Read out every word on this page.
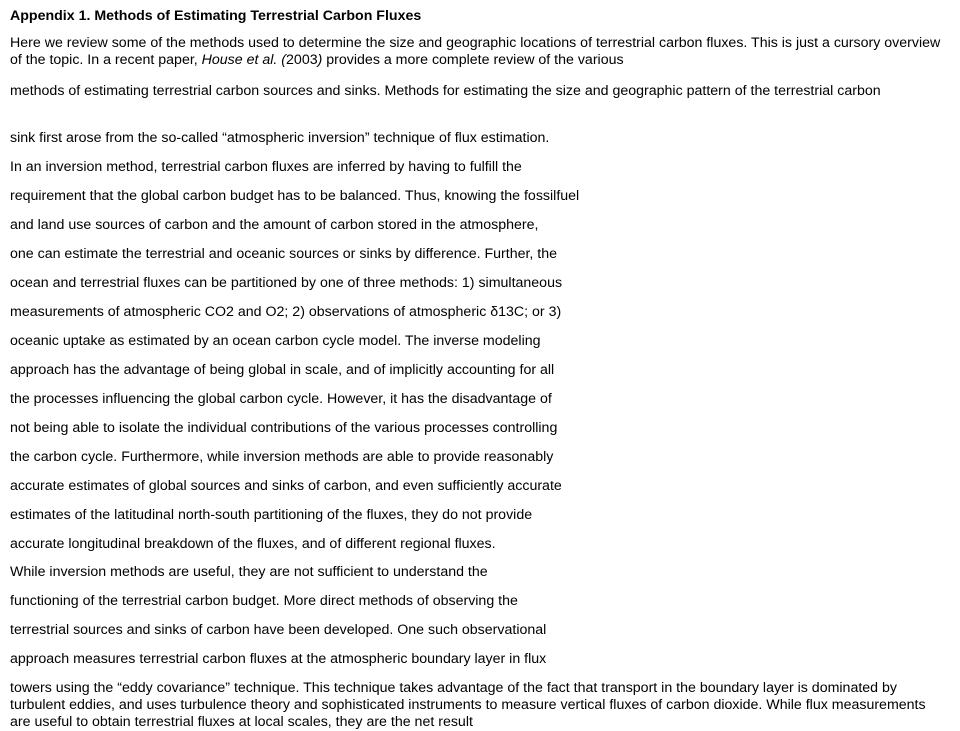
Appendix 1. Methods of Estimating Terrestrial Carbon Fluxes
Here we review some of the methods used to determine the size and geographic locations of terrestrial carbon fluxes. This is just a cursory overview of the topic. In a recent paper, House et al. (2003) provides a more complete review of the various
methods of estimating terrestrial carbon sources and sinks. Methods for estimating the size and geographic pattern of the terrestrial carbon
sink first arose from the so-called “atmospheric inversion” technique of flux estimation.
In an inversion method, terrestrial carbon fluxes are inferred by having to fulfill the
requirement that the global carbon budget has to be balanced. Thus, knowing the fossilfuel
and land use sources of carbon and the amount of carbon stored in the atmosphere,
one can estimate the terrestrial and oceanic sources or sinks by difference. Further, the
ocean and terrestrial fluxes can be partitioned by one of three methods: 1) simultaneous
measurements of atmospheric CO2 and O2; 2) observations of atmospheric δ13C; or 3)
oceanic uptake as estimated by an ocean carbon cycle model. The inverse modeling
approach has the advantage of being global in scale, and of implicitly accounting for all
the processes influencing the global carbon cycle. However, it has the disadvantage of
not being able to isolate the individual contributions of the various processes controlling
the carbon cycle. Furthermore, while inversion methods are able to provide reasonably
accurate estimates of global sources and sinks of carbon, and even sufficiently accurate
estimates of the latitudinal north-south partitioning of the fluxes, they do not provide
accurate longitudinal breakdown of the fluxes, and of different regional fluxes.
While inversion methods are useful, they are not sufficient to understand the
functioning of the terrestrial carbon budget. More direct methods of observing the
terrestrial sources and sinks of carbon have been developed. One such observational
approach measures terrestrial carbon fluxes at the atmospheric boundary layer in flux
towers using the “eddy covariance” technique. This technique takes advantage of the fact that transport in the boundary layer is dominated by turbulent eddies, and uses turbulence theory and sophisticated instruments to measure vertical fluxes of carbon dioxide. While flux measurements are useful to obtain terrestrial fluxes at local scales, they are the net result
